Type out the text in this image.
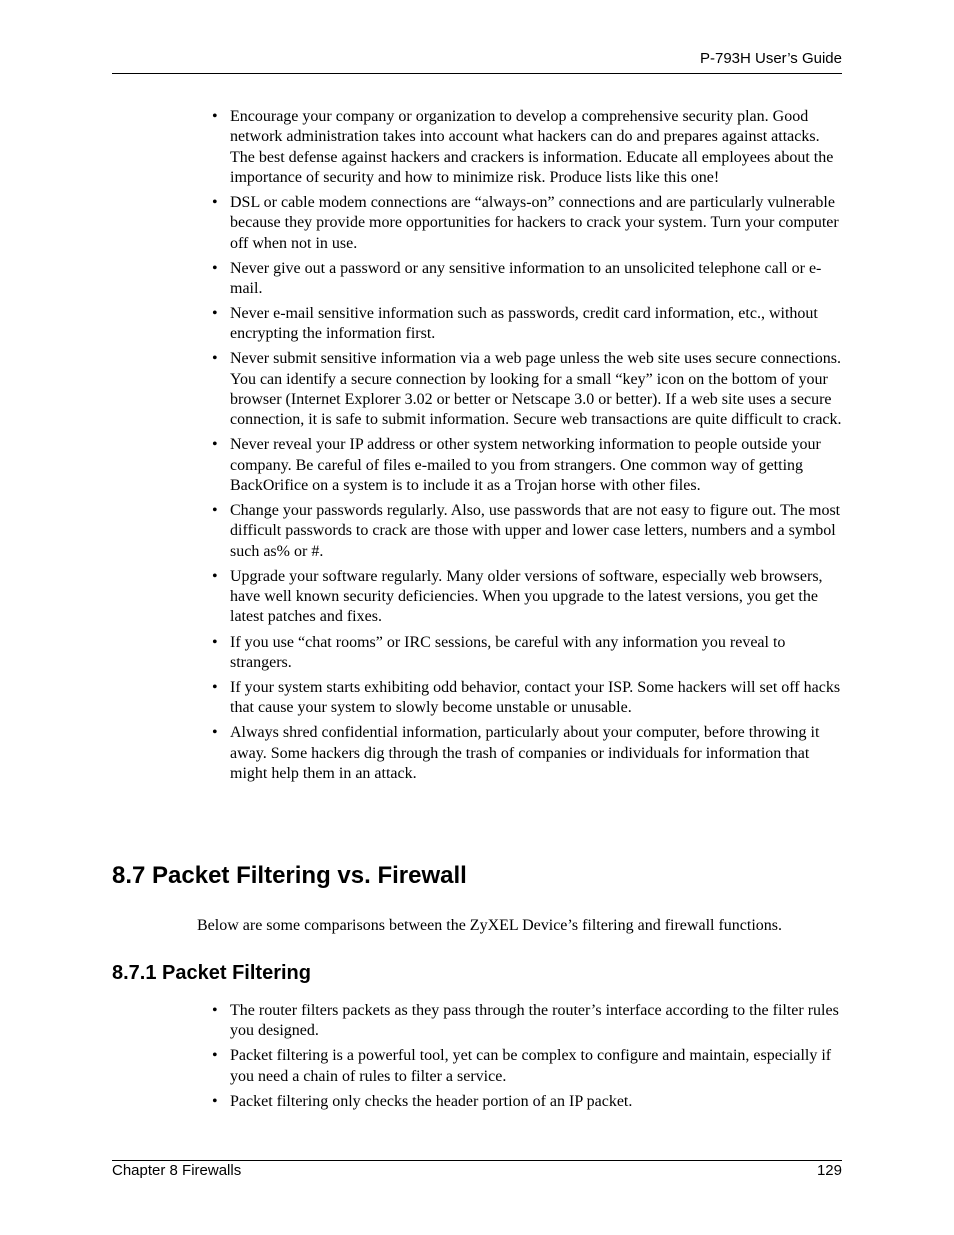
P-793H User’s Guide
• Encourage your company or organization to develop a comprehensive security plan. Good network administration takes into account what hackers can do and prepares against attacks. The best defense against hackers and crackers is information. Educate all employees about the importance of security and how to minimize risk. Produce lists like this one!
• DSL or cable modem connections are “always-on” connections and are particularly vulnerable because they provide more opportunities for hackers to crack your system. Turn your computer off when not in use.
• Never give out a password or any sensitive information to an unsolicited telephone call or e-mail.
• Never e-mail sensitive information such as passwords, credit card information, etc., without encrypting the information first.
• Never submit sensitive information via a web page unless the web site uses secure connections. You can identify a secure connection by looking for a small “key” icon on the bottom of your browser (Internet Explorer 3.02 or better or Netscape 3.0 or better). If a web site uses a secure connection, it is safe to submit information. Secure web transactions are quite difficult to crack.
• Never reveal your IP address or other system networking information to people outside your company. Be careful of files e-mailed to you from strangers. One common way of getting BackOrifice on a system is to include it as a Trojan horse with other files.
• Change your passwords regularly. Also, use passwords that are not easy to figure out. The most difficult passwords to crack are those with upper and lower case letters, numbers and a symbol such as% or #.
• Upgrade your software regularly. Many older versions of software, especially web browsers, have well known security deficiencies. When you upgrade to the latest versions, you get the latest patches and fixes.
• If you use “chat rooms” or IRC sessions, be careful with any information you reveal to strangers.
• If your system starts exhibiting odd behavior, contact your ISP. Some hackers will set off hacks that cause your system to slowly become unstable or unusable.
• Always shred confidential information, particularly about your computer, before throwing it away. Some hackers dig through the trash of companies or individuals for information that might help them in an attack.
8.7 Packet Filtering vs. Firewall

Below are some comparisons between the ZyXEL Device’s filtering and firewall functions.

8.7.1 Packet Filtering
• The router filters packets as they pass through the router’s interface according to the filter rules you designed.
• Packet filtering is a powerful tool, yet can be complex to configure and maintain, especially if you need a chain of rules to filter a service.
• Packet filtering only checks the header portion of an IP packet.
Chapter 8 Firewalls	129
